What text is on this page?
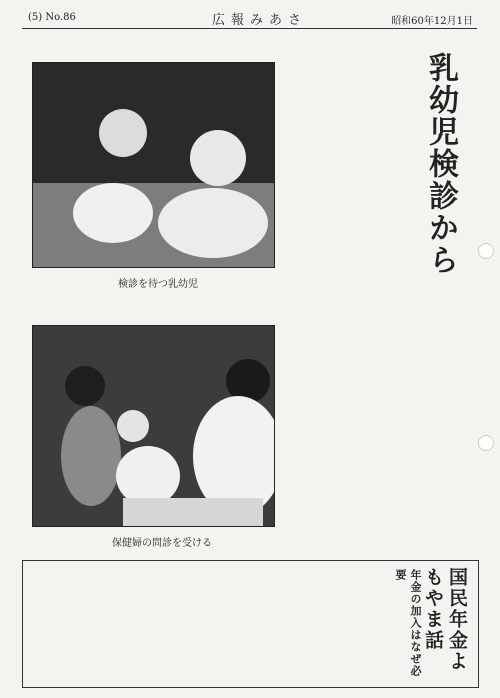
(5) No.86	広報みあさ	昭和60年12月1日
検診を待つ乳幼児
乳幼児検診から
保健婦の問診を受ける
年金の加入はなぜ必要	国民年金よもやま話
